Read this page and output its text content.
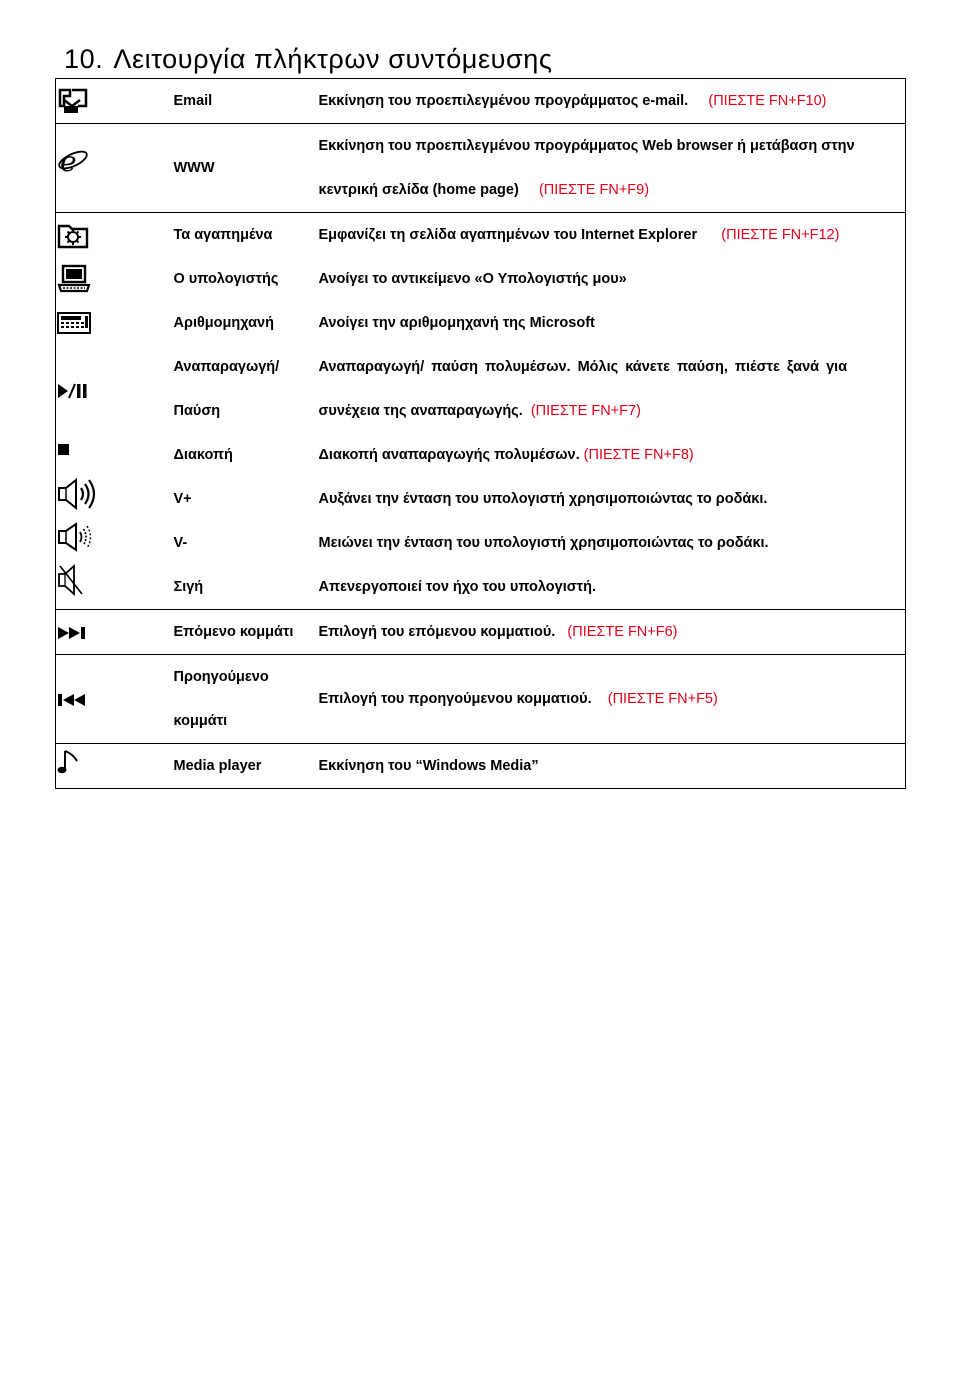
10. Λειτουργία πλήκτρων συντόμευσης
	Email	Εκκίνηση του προεπιλεγμένου προγράμματος e-mail. (ΠΙΕΣΤΕ FN+F10)

e	WWW	Εκκίνηση του προεπιλεγμένου προγράμματος Web browser ή μετάβαση στην
κεντρική σελίδα (home page) (ΠΙΕΣΤΕ FN+F9)

	Τα αγαπημένα	Εμφανίζει τη σελίδα αγαπημένων του Internet Explorer (ΠΙΕΣΤΕ FN+F12)

	Ο υπολογιστής	Ανοίγει το αντικείμενο «Ο Υπολογιστής μου»

	Αριθμομηχανή	Ανοίγει την αριθμομηχανή της Microsoft

Αναπαραγωγή/
Παύση	Αναπαραγωγή/ παύση πολυμέσων. Μόλις κάνετε παύση, πιέστε ξανά για
συνέχεια της αναπαραγωγής. (ΠΙΕΣΤΕ FN+F7)

	Διακοπή	Διακοπή αναπαραγωγής πολυμέσων. (ΠΙΕΣΤΕ FN+F8)

	V+	Αυξάνει την ένταση του υπολογιστή χρησιμοποιώντας το ροδάκι.

	V-	Μειώνει την ένταση του υπολογιστή χρησιμοποιώντας το ροδάκι.

	Σιγή	Απενεργοποιεί τον ήχο του υπολογιστή.

	Επόμενο κομμάτι	Επιλογή του επόμενου κομματιού. (ΠΙΕΣΤΕ FN+F6)

Προηγούμενο
κομμάτι	Επιλογή του προηγούμενου κομματιού. (ΠΙΕΣΤΕ FN+F5)

	Media player	Εκκίνηση του “Windows Media”
